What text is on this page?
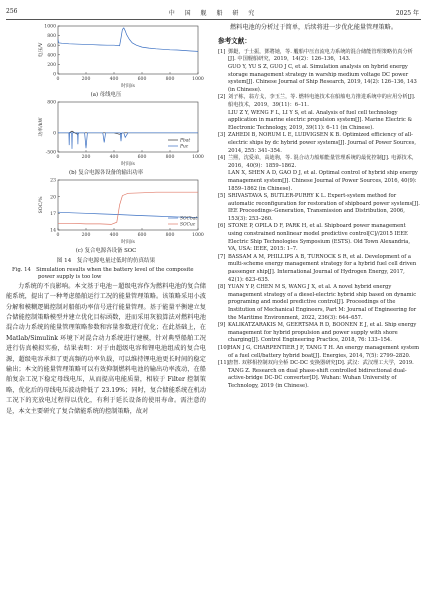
256	中 国 舰 船 研 究	2025 年
0	200	400	600	800	1000
0
200
400
600
800
1000
时间/s
电压/V
(a) 母线电压
0	200	400	600	800	1000
-500
0
800
时间/s
功率/kW
Pbat
Puc
(b) 复合电源各设备的输出功率
0	200	400	600	800	1000
14
17
20
23
时间/s
SOC/%
SOCbat
SOCuc
(c) 复合电源各设备 SOC
图 14　复合电源电量过低时的仿真结果
Fig. 14　Simulation results when the battery level of the composite power supply is too low

力系统的不良影响。本文基于电池－超级电容作为燃料电池的复合储能系统，提出了一种考虑船舶运行工况的能量管理策略。该策略采用小波分解和模糊逻辑控制对船舶功率信号进行能量管理。基于能量平衡建立复合储能控制策略模型并建立优化目标函数，进而采用灰狼算法对燃料电池混合动力系统的能量管理策略参数和容量参数进行优化；在此基础上，在 Matlab/Simulink 环境下对混合动力系统进行建模，针对典型船舶工况进行仿真模拟实验，结果表明：对于由超级电容和锂电池组成的复合电源，超级电容承担了更高频的功率负载，可以维持锂电池更长时间的稳定输出；本文的能量管理策略可以有效抑制燃料电池的输出功率波动，在船舶复杂工况下稳定母线电压，从而提高电能质量，相较于 Filter 控制策略，优化后的母线电压波动降低了 23.19%；同时，复合储能系统在机动工况下的充放电过程得以优化，有利于延长设备的使用寿命。需注意的是，本文主要研究了复合储能系统的控制策略，故对

燃料电池的分析过于简单，后续将进一步优化能量管理策略。

参考文献：

[1] 鄧鋌，于士振，鄧將她，等. 艦船中压直流电力系统的混合储能管理策略仿真分析[J]. 中国舰船研究，2019，14(2)：126–136，143.

GUO Y, YU S Z, GUO J C, et al. Simulation analysis on hybrid energy storage management strategy in warship medium voltage DC power system[J]. Chinese Journal of Ship Research, 2019, 14(2): 126–136, 143 (in Chinese).

[2] 刘子栋，翁方戈，李玉兰，等. 燃料电池技术在船舶电力推进系统中的应用分析[J]. 船电技术，2019，39(11)：6–11.

LIU Z Y, WENG F L, LI Y S, et al. Analysis of fuel cell technology application in marine electric propulsion system[J]. Marine Electric & Electronic Technology, 2019, 39(11): 6–11 (in Chinese).

[3] ZAHEDI B, NORUM L E, LUDVIGSEN K B. Optimized efficiency of all-electric ships by dc hybrid power systems[J]. Journal of Power Sources, 2014, 255: 341–354.

[4] 兰熙，沈爱弟，高迪驹，等. 混合动力船舶能量管理系统的最优控制[J]. 电源技术，2016，40(9)：1859–1862.

LAN X, SHEN A D, GAO D J, et al. Optimal control of hybrid ship energy management system[J]. Chinese Journal of Power Sources, 2016, 40(9): 1859–1862 (in Chinese).

[5] SRIVASTAVA S, BUTLER-PURRY K L. Expert-system method for automatic reconfiguration for restoration of shipboard power systems[J]. IEE Proceedings–Generation, Transmission and Distribution, 2006, 153(3): 253–260.

[6] STONE P, OPILA D F, PARK H, et al. Shipboard power management using constrained nonlinear model predictive control[C]//2015 IEEE Electric Ship Technologies Symposium (ESTS). Old Town Alexandria, VA, USA: IEEE, 2015: 1–7.

[7] BASSAM A M, PHILLIPS A B, TURNOCK S R, et al. Development of a multi-scheme energy management strategy for a hybrid fuel cell driven passenger ship[J]. International Journal of Hydrogen Energy, 2017, 42(1): 623–635.

[8] YUAN Y P, CHEN M S, WANG J X, et al. A novel hybrid energy management strategy of a diesel-electric hybrid ship based on dynamic programing and model predictive control[J]. Proceedings of the Institution of Mechanical Engineers, Part M: Journal of Engineering for the Maritime Environment, 2022, 236(3): 644–657.

[9] KALIKATZARAKIS M, GEERTSMA R D, BOONEN E J, et al. Ship energy management for hybrid propulsion and power supply with shore charging[J]. Control Engineering Practice, 2018, 76: 133–154.

[10]HAN J G, CHARPENTIER J F, TANG T H. An energy management system of a fuel cell/battery hybrid boat[J]. Energies, 2014, 7(5): 2799–2820.

[11]唐智. 双移相控制双向全桥 DC-DC 变换器研究[D]. 武汉：武汉理工大学，2019.

TANG Z. Research on dual phase-shift controlled bidirectional dual-active-bridge DC-DC converter[D]. Wuhan: Wuhan University of Technology, 2019 (in Chinese).
